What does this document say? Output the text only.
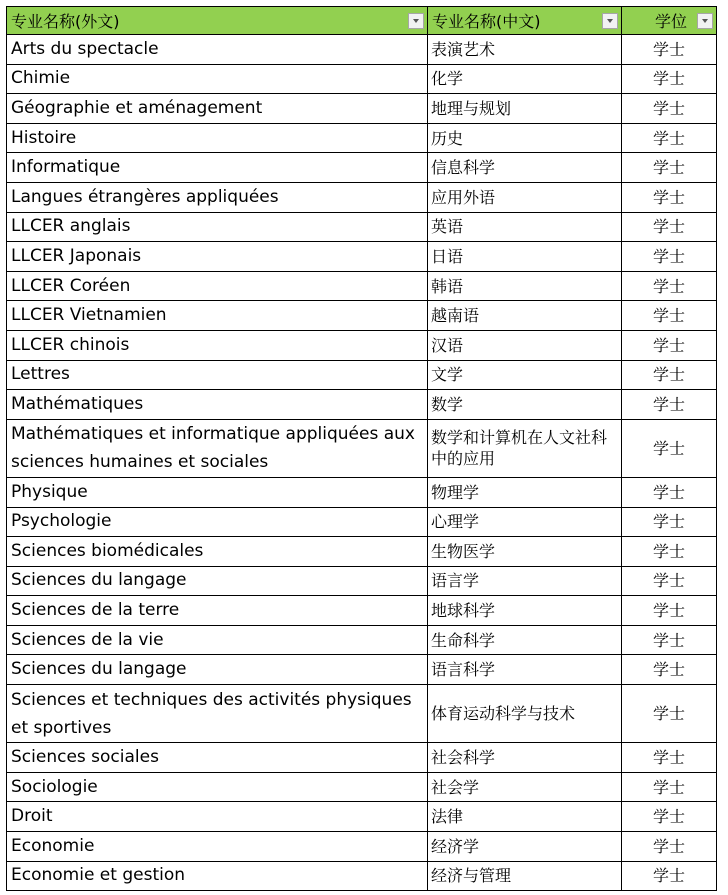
专业名称(外文)	专业名称(中文)	学位

Arts du spectacle	表演艺术	学士
Chimie	化学	学士
Géographie et aménagement	地理与规划	学士
Histoire	历史	学士
Informatique	信息科学	学士
Langues étrangères appliquées	应用外语	学士
LLCER anglais	英语	学士
LLCER Japonais	日语	学士
LLCER Coréen	韩语	学士
LLCER Vietnamien	越南语	学士
LLCER chinois	汉语	学士
Lettres	文学	学士
Mathématiques	数学	学士
Mathématiques et informatique appliquées aux sciences humaines et sociales	数学和计算机在人文社科中的应用	学士
Physique	物理学	学士
Psychologie	心理学	学士
Sciences biomédicales	生物医学	学士
Sciences du langage	语言学	学士
Sciences de la terre	地球科学	学士
Sciences de la vie	生命科学	学士
Sciences du langage	语言科学	学士
Sciences et techniques des activités physiques et sportives	体育运动科学与技术	学士
Sciences sociales	社会科学	学士
Sociologie	社会学	学士
Droit	法律	学士
Economie	经济学	学士
Economie et gestion	经济与管理	学士
